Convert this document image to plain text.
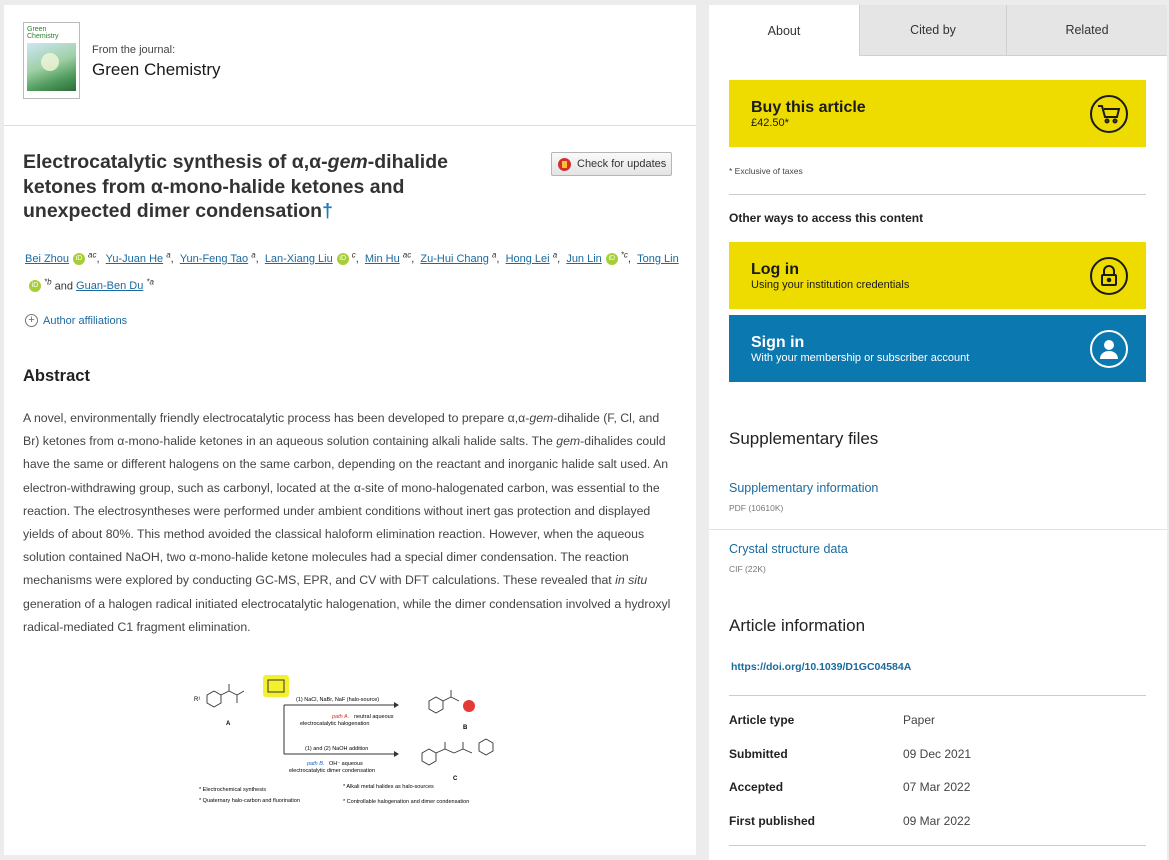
Green Chemistry
From the journal:
Green Chemistry
Electrocatalytic synthesis of α,α-gem-dihalide ketones from α-mono-halide ketones and unexpected dimer condensation†
Check for updates
Bei Zhou iD $^{ac}$,  Yu-Juan He $^a$,  Yun-Feng Tao $^a$,  Lan-Xiang Liu iD $^c$,  Min Hu $^{ac}$,  Zu-Hui Chang $^a$,  Hong Lei $^a$,  Jun Lin iD $^{*c}$,  Tong LiniD $^{*b}$ and Guan-Ben Du $^{*a}$
+ Author affiliations
Abstract

A novel, environmentally friendly electrocatalytic process has been developed to prepare α,α-gem-dihalide (F, Cl, and Br) ketones from α-mono-halide ketones in an aqueous solution containing alkali halide salts. The gem-dihalides could have the same or different halogens on the same carbon, depending on the reactant and inorganic halide salt used. An electron-withdrawing group, such as carbonyl, located at the α-site of mono-halogenated carbon, was essential to the reaction. The electrosyntheses were performed under ambient conditions without inert gas protection and displayed yields of about 80%. This method avoided the classical haloform elimination reaction. However, when the aqueous solution contained NaOH, two α-mono-halide ketone molecules had a special dimer condensation. The reaction mechanisms were explored by conducting GC-MS, EPR, and CV with DFT calculations. These revealed that in situ generation of a halogen radical initiated electrocatalytic halogenation, while the dimer condensation involved a hydroxyl radical-mediated C1 fragment elimination.

R¹
A
(1) NaCl, NaBr, NaF (halo-source)
path A. neutral aqueous
electrocatalytic halogenation
(1) and (2) NaOH addition
path B. OH⁻ aqueous
electrocatalytic dimer condensation
B
C
* Electrochemical synthesis
* Quaternary halo-carbon and fluorination
* Alkali metal halides as halo-sources
* Controllable halogenation and dimer condensation
About	Cited by	Related
Buy this article
£42.50*
* Exclusive of taxes
Other ways to access this content
Log in
Using your institution credentials
Sign in
With your membership or subscriber account
Supplementary files
Supplementary information
PDF (10610K)
Crystal structure data
CIF (22K)
Article information
https://doi.org/10.1039/D1GC04584A
Article type	Paper
Submitted	09 Dec 2021
Accepted	07 Mar 2022
First published	09 Mar 2022
